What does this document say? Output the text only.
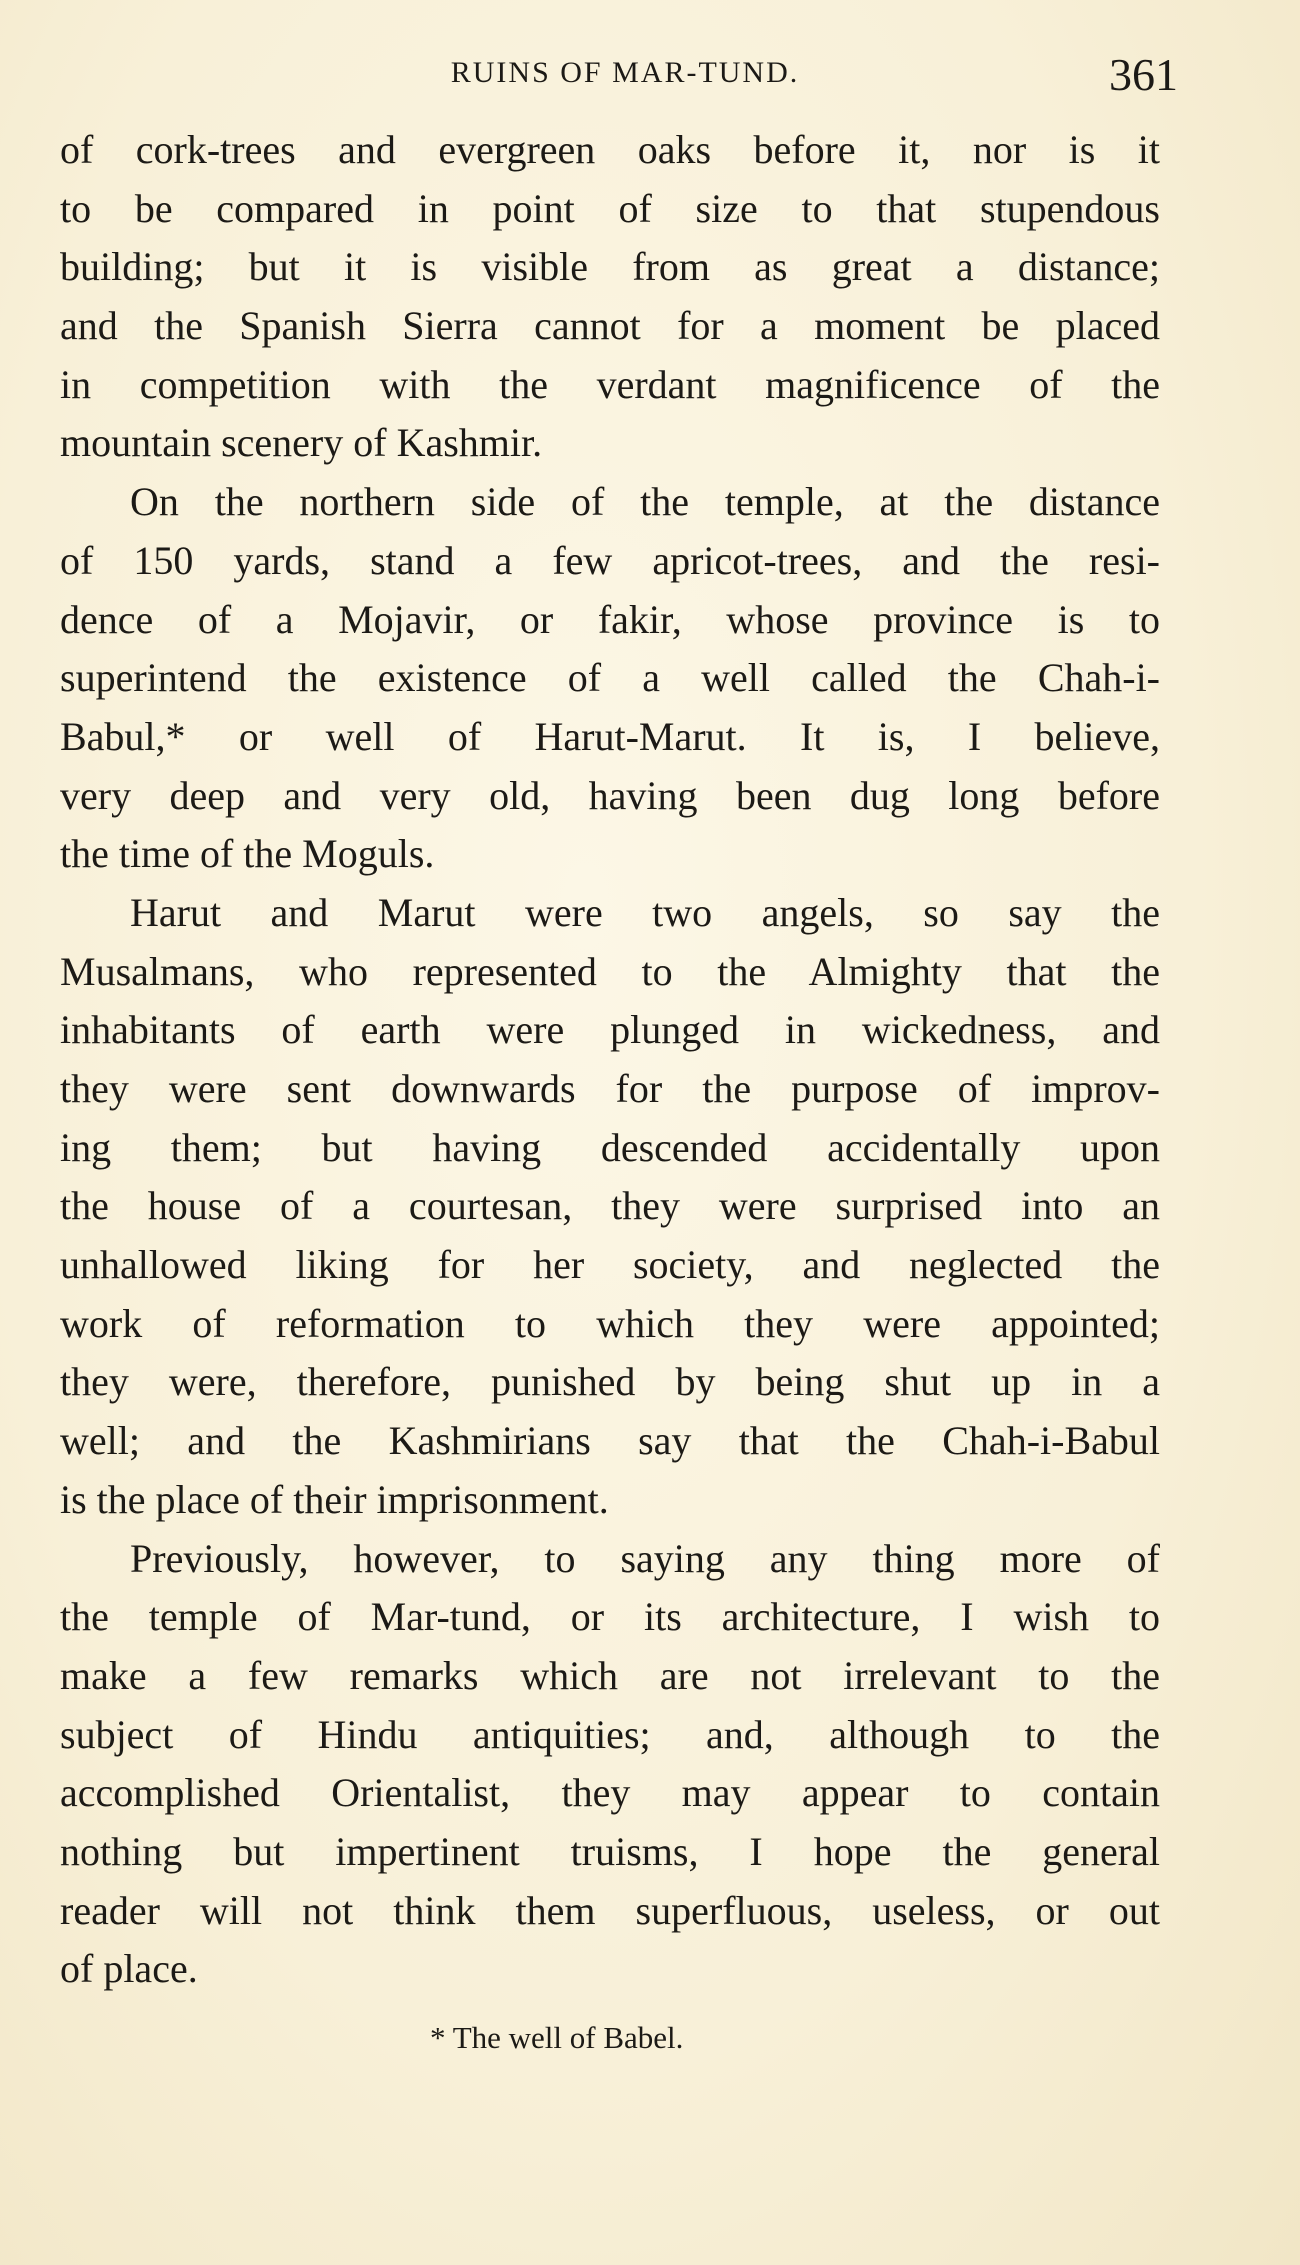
RUINS OF MAR-TUND.	361
of cork-trees and evergreen oaks before it, nor is it
to be compared in point of size to that stupendous
building; but it is visible from as great a distance;
and the Spanish Sierra cannot for a moment be placed
in competition with the verdant magnificence of the
mountain scenery of Kashmir.
On the northern side of the temple, at the distance
of 150 yards, stand a few apricot-trees, and the resi-
dence of a Mojavir, or fakir, whose province is to
superintend the existence of a well called the Chah-i-
Babul,* or well of Harut-Marut. It is, I believe,
very deep and very old, having been dug long before
the time of the Moguls.
Harut and Marut were two angels, so say the
Musalmans, who represented to the Almighty that the
inhabitants of earth were plunged in wickedness, and
they were sent downwards for the purpose of improv-
ing them; but having descended accidentally upon
the house of a courtesan, they were surprised into an
unhallowed liking for her society, and neglected the
work of reformation to which they were appointed;
they were, therefore, punished by being shut up in a
well; and the Kashmirians say that the Chah-i-Babul
is the place of their imprisonment.
Previously, however, to saying any thing more of
the temple of Mar-tund, or its architecture, I wish to
make a few remarks which are not irrelevant to the
subject of Hindu antiquities; and, although to the
accomplished Orientalist, they may appear to contain
nothing but impertinent truisms, I hope the general
reader will not think them superfluous, useless, or out
of place.
* The well of Babel.
